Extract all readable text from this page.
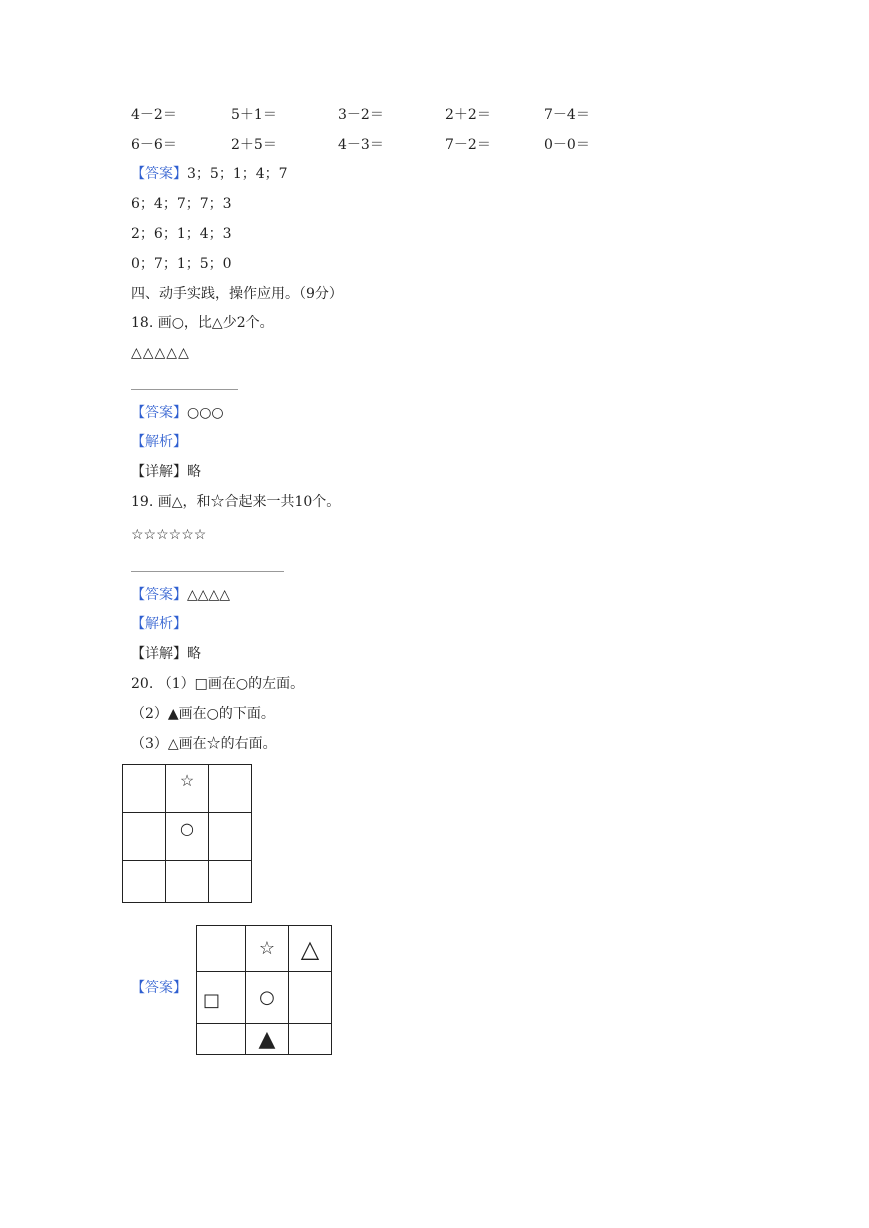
4－2＝	5＋1＝	3－2＝	2＋2＝	7－4＝
6－6＝	2＋5＝	4－3＝	7－2＝	0－0＝
【答案】3；5；1；4；7
6；4；7；7；3
2；6；1；4；3
0；7；1；5；0
四、动手实践，操作应用。（9分）
18. 画○，比△少2个。
△△△△△
【答案】○○○
【解析】
【详解】略
19. 画△，和☆合起来一共10个。
☆☆☆☆☆☆
【答案】△△△△
【解析】
【详解】略
20. （1）□画在○的左面。
（2）▲画在○的下面。
（3）△画在☆的右面。
	☆	
	○	

【答案】
	☆	△
□	○	
	▲	
